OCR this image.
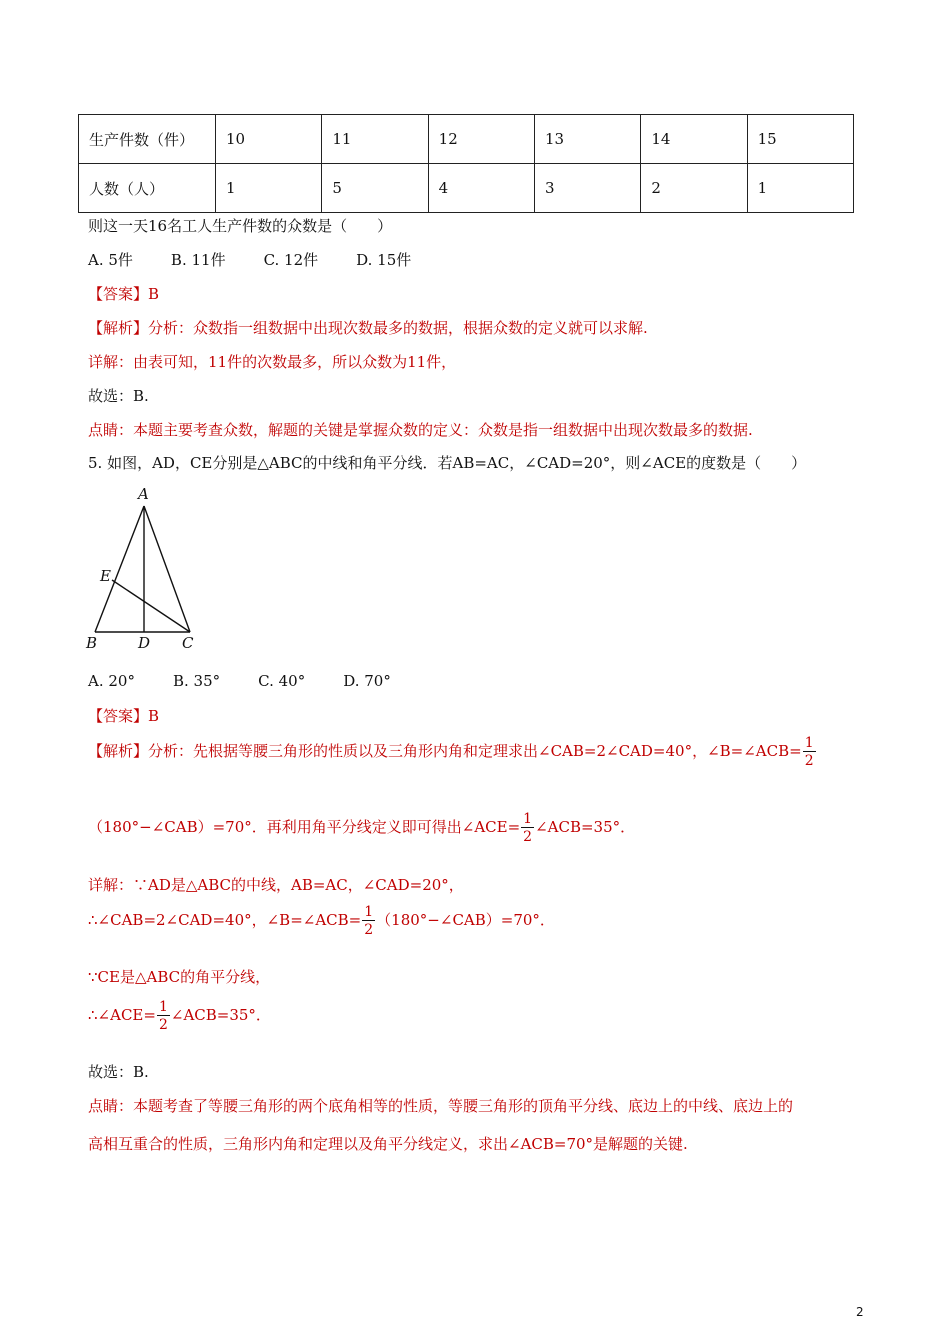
生产件数（件）	10	11	12	13	14	15
人数（人）	1	5	4	3	2	1
则这一天16名工人生产件数的众数是（　　）
A. 5件	B. 11件	C. 12件	D. 15件
【答案】B
【解析】分析：众数指一组数据中出现次数最多的数据，根据众数的定义就可以求解.
详解：由表可知，11件的次数最多，所以众数为11件，
故选：B.
点睛：本题主要考查众数，解题的关键是掌握众数的定义：众数是指一组数据中出现次数最多的数据.
5. 如图，AD，CE分别是△ABC的中线和角平分线．若AB=AC，∠CAD=20°，则∠ACE的度数是（　　）
A
B	C
D
E
A. 20°	B. 35°	C. 40°	D. 70°
【答案】B
【解析】分析：先根据等腰三角形的性质以及三角形内角和定理求出∠CAB=2∠CAD=40°，∠B=∠ACB= $\frac{1}{2}$
（180°−∠CAB）=70°．再利用角平分线定义即可得出∠ACE= $\frac{1}{2}$ ∠ACB=35°．
详解：∵AD是△ABC的中线，AB=AC，∠CAD=20°，
∴∠CAB=2∠CAD=40°，∠B=∠ACB= $\frac{1}{2}$ （180°−∠CAB）=70°．
∵CE是△ABC的角平分线，
∴∠ACE= $\frac{1}{2}$ ∠ACB=35°．
故选：B.
点睛：本题考查了等腰三角形的两个底角相等的性质，等腰三角形的顶角平分线、底边上的中线、底边上的
高相互重合的性质，三角形内角和定理以及角平分线定义，求出∠ACB=70°是解题的关键.
2
